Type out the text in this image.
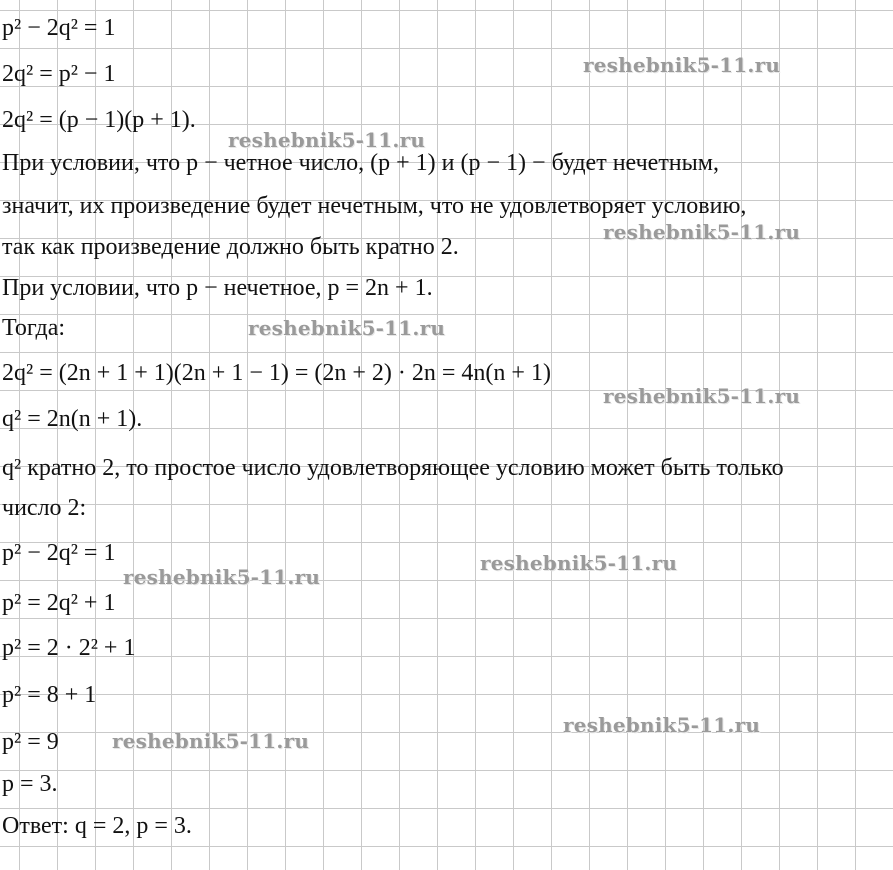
p² − 2q² = 1
2q² = p² − 1
2q² = (p − 1)(p + 1).
При условии, что p − четное число, (p + 1) и (p − 1) − будет нечетным,
значит, их произведение будет нечетным, что не удовлетворяет условию,
так как произведение должно быть кратно 2.
При условии, что p − нечетное, p = 2n + 1.
Тогда:
2q² = (2n + 1 + 1)(2n + 1 − 1) = (2n + 2) · 2n = 4n(n + 1)
q² = 2n(n + 1).
q² кратно 2, то простое число удовлетворяющее условию может быть только
число 2:
p² − 2q² = 1
p² = 2q² + 1
p² = 2 · 2² + 1
p² = 8 + 1
p² = 9
p = 3.
Ответ: q = 2, p = 3.
reshebnik5-11.ru
reshebnik5-11.ru
reshebnik5-11.ru
reshebnik5-11.ru
reshebnik5-11.ru
reshebnik5-11.ru
reshebnik5-11.ru
reshebnik5-11.ru
reshebnik5-11.ru
